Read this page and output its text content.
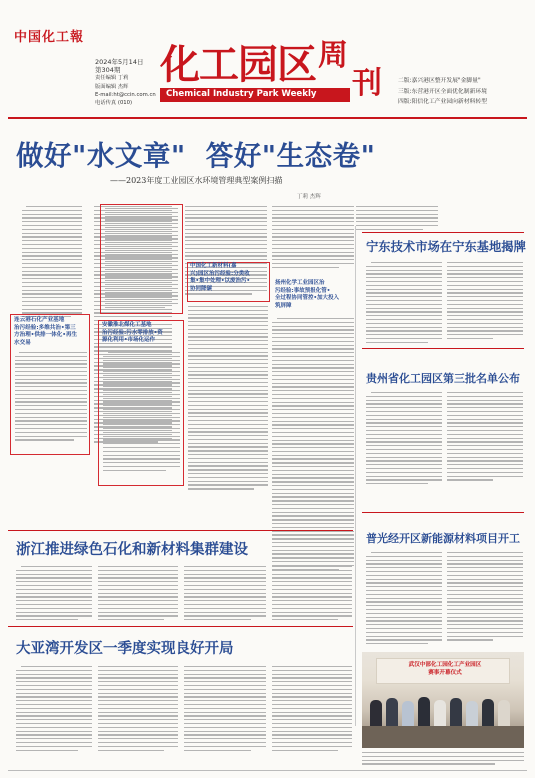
中国化工報
2024年5月14日
第304期
责任编辑 丁莉
版面编辑 杰辉
E-mail:ht@ccin.com.cn
电话传真 (010)
化工园区 周
刊
Chemical Industry Park Weekly
二版:嘉兴港区整开发展"金脚量"
三版:东营港开区全面优化制新环境
四版:阳信化工产业园向新材料转型
做好"水文章"  答好"生态卷"
——2023年度工业园区水环境管理典型案例扫描
丁莉 杰辉
连云港石化产业基地
治污经验:多维共治•第三
方治理•供排一体化•再生
水交易
中国化工新材料(嘉
兴)园区治污经验:分类收
集•集中处理•以废治污•
协同降碳
安徽淮北煤化工基地
治污经验:污水零排放•资
源化利用•市场化运作
扬州化学工业园区治
污经验:事故预报化管•
全过程协同管控•加大投入
筑屏障
宁东技术市场在宁东基地揭牌
贵州省化工园区第三批名单公布
普光经开区新能源材料项目开工
浙江推进绿色石化和新材料集群建设
大亚湾开发区一季度实现良好开局
武汉中部化工园化工产业园区
赛事开幕仪式
